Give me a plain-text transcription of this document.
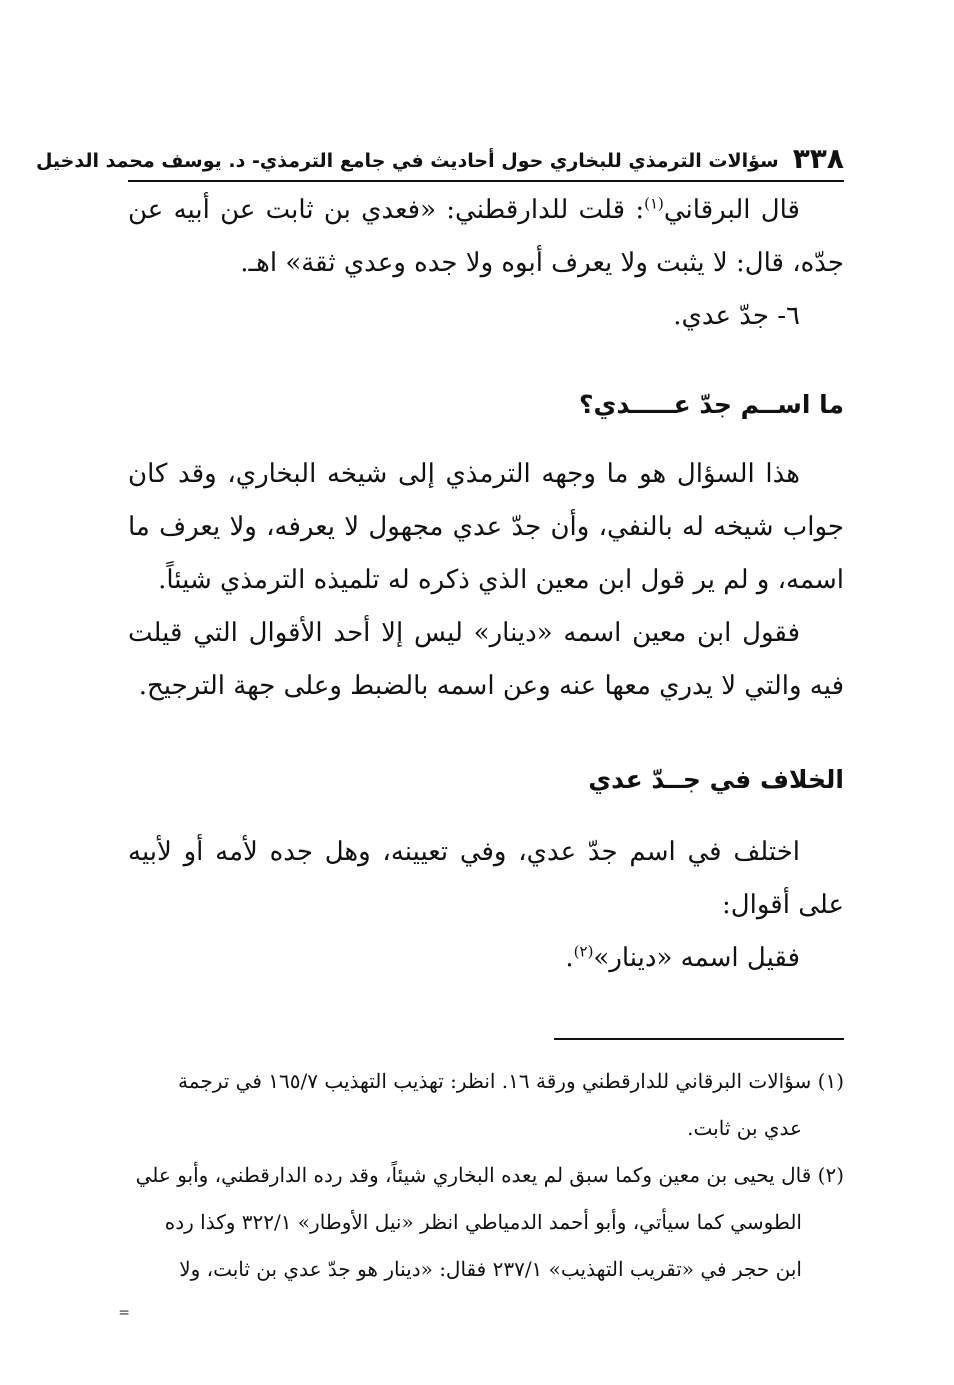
٣٣٨
سؤالات الترمذي للبخاري حول أحاديث في جامع الترمذي- د. يوسف محمد الدخيل

قال البرقاني$^{(١)}$: قلت للدارقطني: «فعدي بن ثابت عن أبيه عن جدّه، قال: لا يثبت ولا يعرف أبوه ولا جده وعدي ثقة» اهـ.

٦- جدّ عدي.

ما اســم جدّ عـــــدي؟

هذا السؤال هو ما وجهه الترمذي إلى شيخه البخاري، وقد كان جواب شيخه له بالنفي، وأن جدّ عدي مجهول لا يعرفه، ولا يعرف ما اسمه، و لم ير قول ابن معين الذي ذكره له تلميذه الترمذي شيئاً.

فقول ابن معين اسمه «دينار» ليس إلا أحد الأقوال التي قيلت فيه والتي لا يدري معها عنه وعن اسمه بالضبط وعلى جهة الترجيح.

الخلاف في جــدّ عدي

اختلف في اسم جدّ عدي، وفي تعيينه، وهل جده لأمه أو لأبيه على أقوال:

فقيل اسمه «دينار»$^{(٢)}$.

(١) سؤالات البرقاني للدارقطني ورقة ١٦. انظر: تهذيب التهذيب ١٦٥/٧ في ترجمة

عدي بن ثابت.

(٢) قال يحيى بن معين وكما سبق لم يعده البخاري شيئاً، وقد رده الدارقطني، وأبو علي

الطوسي كما سيأتي، وأبو أحمد الدمياطي انظر «نيل الأوطار» ٣٢٢/١ وكذا رده

ابن حجر في «تقريب التهذيب» ٢٣٧/١ فقال: «دينار هو جدّ عدي بن ثابت، ولا

=
